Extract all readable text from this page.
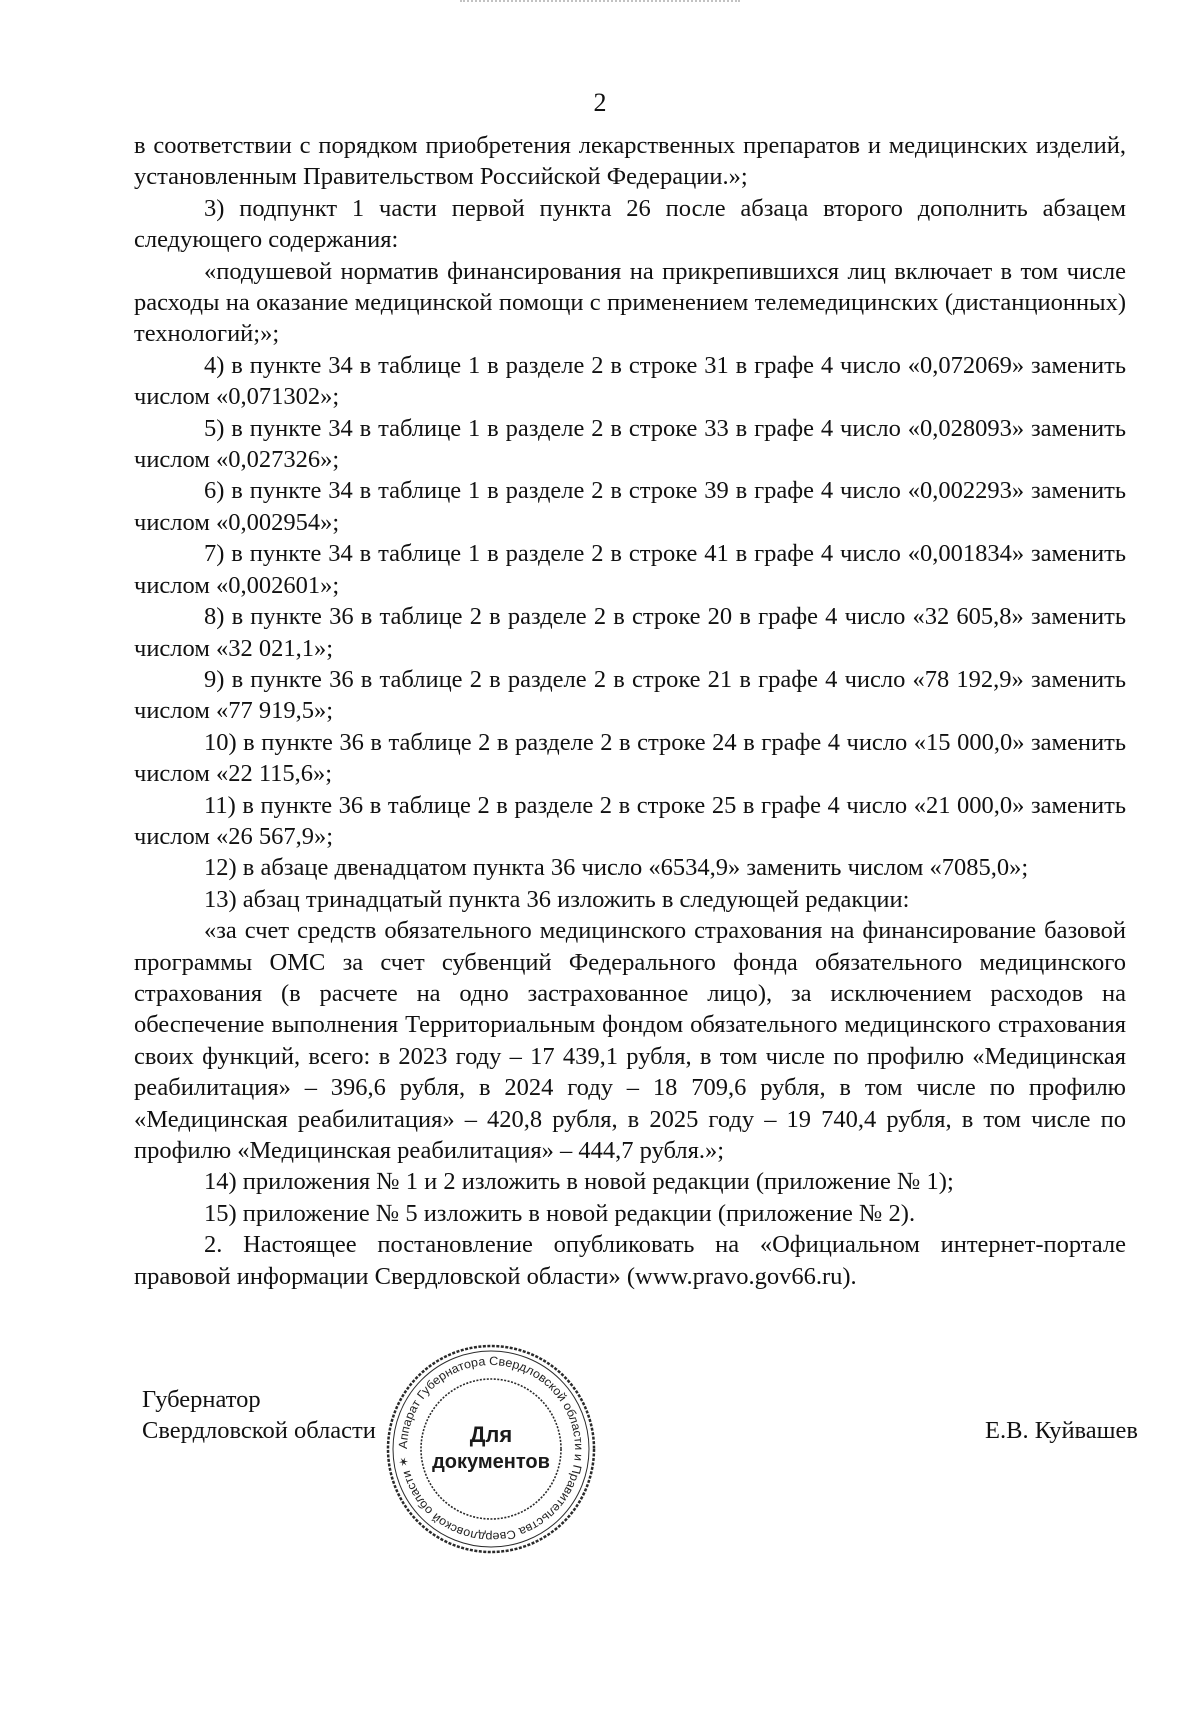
2

в соответствии с порядком приобретения лекарственных препаратов и медицинских изделий, установленным Правительством Российской Федерации.»;

3) подпункт 1 части первой пункта 26 после абзаца второго дополнить абзацем следующего содержания:

«подушевой норматив финансирования на прикрепившихся лиц включает в том числе расходы на оказание медицинской помощи с применением телемедицинских (дистанционных) технологий;»;

4) в пункте 34 в таблице 1 в разделе 2 в строке 31 в графе 4 число «0,072069» заменить числом «0,071302»;

5) в пункте 34 в таблице 1 в разделе 2 в строке 33 в графе 4 число «0,028093» заменить числом «0,027326»;

6) в пункте 34 в таблице 1 в разделе 2 в строке 39 в графе 4 число «0,002293» заменить числом «0,002954»;

7) в пункте 34 в таблице 1 в разделе 2 в строке 41 в графе 4 число «0,001834» заменить числом «0,002601»;

8) в пункте 36 в таблице 2 в разделе 2 в строке 20 в графе 4 число «32 605,8» заменить числом «32 021,1»;

9) в пункте 36 в таблице 2 в разделе 2 в строке 21 в графе 4 число «78 192,9» заменить числом «77 919,5»;

10) в пункте 36 в таблице 2 в разделе 2 в строке 24 в графе 4 число «15 000,0» заменить числом «22 115,6»;

11) в пункте 36 в таблице 2 в разделе 2 в строке 25 в графе 4 число «21 000,0» заменить числом «26 567,9»;

12) в абзаце двенадцатом пункта 36 число «6534,9» заменить числом «7085,0»;

13) абзац тринадцатый пункта 36 изложить в следующей редакции:

«за счет средств обязательного медицинского страхования на финансирование базовой программы ОМС за счет субвенций Федерального фонда обязательного медицинского страхования (в расчете на одно застрахованное лицо), за исключением расходов на обеспечение выполнения Территориальным фондом обязательного медицинского страхования своих функций, всего: в 2023 году – 17 439,1 рубля, в том числе по профилю «Медицинская реабилитация» – 396,6 рубля, в 2024 году – 18 709,6 рубля, в том числе по профилю «Медицинская реабилитация» – 420,8 рубля, в 2025 году – 19 740,4 рубля, в том числе по профилю «Медицинская реабилитация» – 444,7 рубля.»;

14) приложения № 1 и 2 изложить в новой редакции (приложение № 1);

15) приложение № 5 изложить в новой редакции (приложение № 2).

2. Настоящее постановление опубликовать на «Официальном интернет-портале правовой информации Свердловской области» (www.pravo.gov66.ru).

Губернатор
Свердловской области	Е.В. Куйвашев
Аппарат Губернатора Свердловской области и Правительства Свердловской области ✶
Для
документов
